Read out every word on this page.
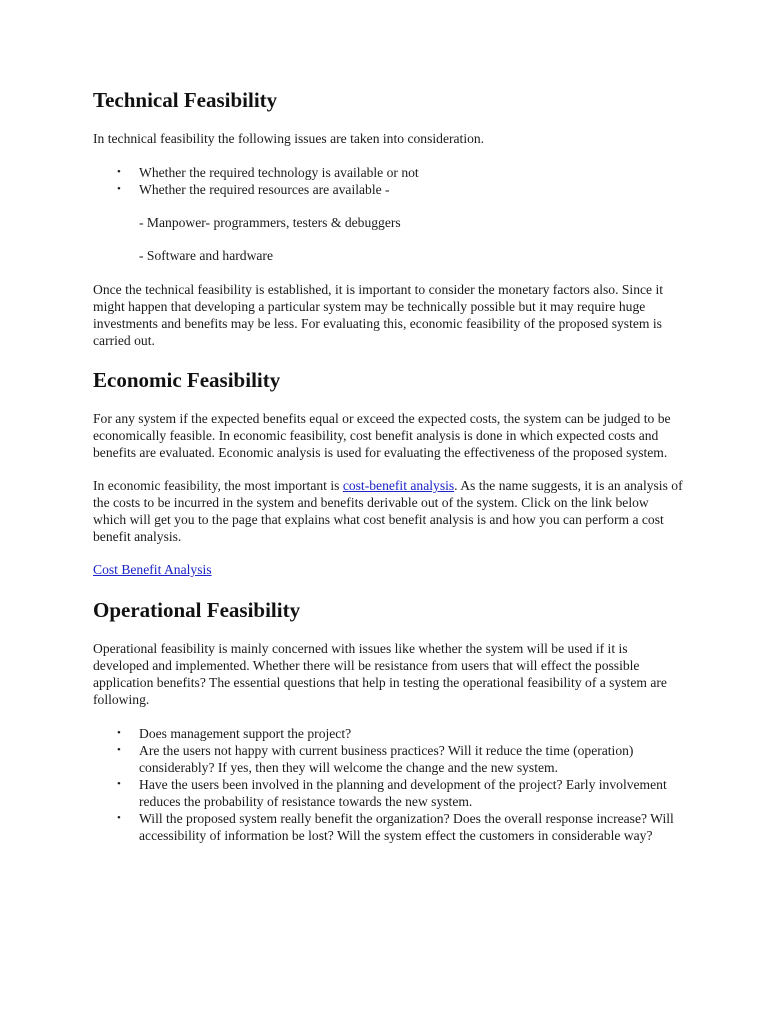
Technical Feasibility

In technical feasibility the following issues are taken into consideration.

• Whether the required technology is available or not
• Whether the required resources are available -

- Manpower- programmers, testers & debuggers

- Software and hardware

Once the technical feasibility is established, it is important to consider the monetary factors also. Since it might happen that developing a particular system may be technically possible but it may require huge investments and benefits may be less. For evaluating this, economic feasibility of the proposed system is carried out.

Economic Feasibility

For any system if the expected benefits equal or exceed the expected costs, the system can be judged to be economically feasible. In economic feasibility, cost benefit analysis is done in which expected costs and benefits are evaluated. Economic analysis is used for evaluating the effectiveness of the proposed system.

In economic feasibility, the most important is cost-benefit analysis. As the name suggests, it is an analysis of the costs to be incurred in the system and benefits derivable out of the system. Click on the link below which will get you to the page that explains what cost benefit analysis is and how you can perform a cost benefit analysis.

Cost Benefit Analysis

Operational Feasibility

Operational feasibility is mainly concerned with issues like whether the system will be used if it is developed and implemented. Whether there will be resistance from users that will effect the possible application benefits? The essential questions that help in testing the operational feasibility of a system are following.

• Does management support the project?
• Are the users not happy with current business practices? Will it reduce the time (operation) considerably? If yes, then they will welcome the change and the new system.
• Have the users been involved in the planning and development of the project? Early involvement reduces the probability of resistance towards the new system.
• Will the proposed system really benefit the organization? Does the overall response increase? Will accessibility of information be lost? Will the system effect the customers in considerable way?
